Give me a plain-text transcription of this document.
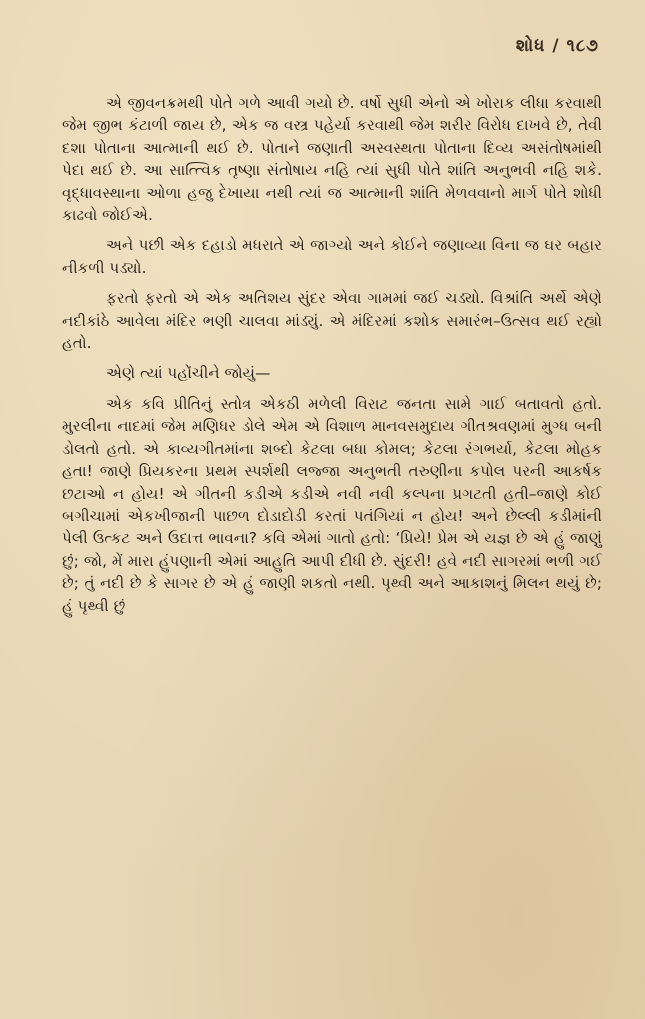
શોધ / ૧૮૭

એ જીવનક્રમથી પોતે ગળે આવી ગયો છે. વર્ષો સુધી એનો એ ખોરાક લીધા કરવાથી જેમ જીભ કંટાળી જાય છે, એક જ વસ્ત્ર પહેર્યા કરવાથી જેમ શરીર વિરોધ દાખવે છે, તેવી દશા પોતાના આત્માની થઈ છે. પોતાને જણાતી અસ્વસ્થતા પોતાના દિવ્ય અસંતોષમાંથી પેદા થઈ છે. આ સાત્ત્વિક તૃષ્ણા સંતોષાય નહિ ત્યાં સુધી પોતે શાંતિ અનુભવી નહિ શકે. વૃદ્ધાવસ્થાના ઓળા હજુ દેખાયા નથી ત્યાં જ આત્માની શાંતિ મેળવવાનો માર્ગ પોતે શોધી કાઢવો જોઈએ.

અને પછી એક દહાડો મધરાતે એ જાગ્યો અને કોઈને જણાવ્યા વિના જ ઘર બહાર નીકળી પડ્યો.

ફરતો ફરતો એ એક અતિશય સુંદર એવા ગામમાં જઈ ચડ્યો. વિશ્રાંતિ અર્થે એણે નદીકાંઠે આવેલા મંદિર ભણી ચાલવા માંડ્યું. એ મંદિરમાં કશોક સમારંભ–ઉત્સવ થઈ રહ્યો હતો.

એણે ત્યાં પહોંચીને જોયું—

એક કવિ પ્રીતિનું સ્તોત્ર એકઠી મળેલી વિરાટ જનતા સામે ગાઈ બતાવતો હતો. મુરલીના નાદમાં જેમ મણિધર ડોલે એમ એ વિશાળ માનવસમુદાય ગીતશ્રવણમાં મુગ્ધ બની ડોલતો હતો. એ કાવ્યગીતમાંના શબ્દો કેટલા બધા કોમલ; કેટલા રંગભર્યા, કેટલા મોહક હતા! જાણે પ્રિયકરના પ્રથમ સ્પર્શથી લજ્જા અનુભતી તરુણીના કપોલ પરની આકર્ષક છટાઓ ન હોય! એ ગીતની કડીએ કડીએ નવી નવી કલ્પના પ્રગટતી હતી–જાણે કોઈ બગીચામાં એકખીજાની પાછળ દોડાદોડી કરતાં પતંગિયાં ન હોય! અને છેલ્લી કડીમાંની પેલી ઉત્કટ અને ઉદાત્ત ભાવના? કવિ એમાં ગાતો હતો: ‘પ્રિયે! પ્રેમ એ યજ્ઞ છે એ હું જાણું છું; જો, મેં મારા હુંપણાની એમાં આહુતિ આપી દીધી છે. સુંદરી! હવે નદી સાગરમાં ભળી ગઈ છે; તું નદી છે કે સાગર છે એ હું જાણી શકતો નથી. પૃથ્વી અને આકાશનું મિલન થયું છે; હું પૃથ્વી છું
